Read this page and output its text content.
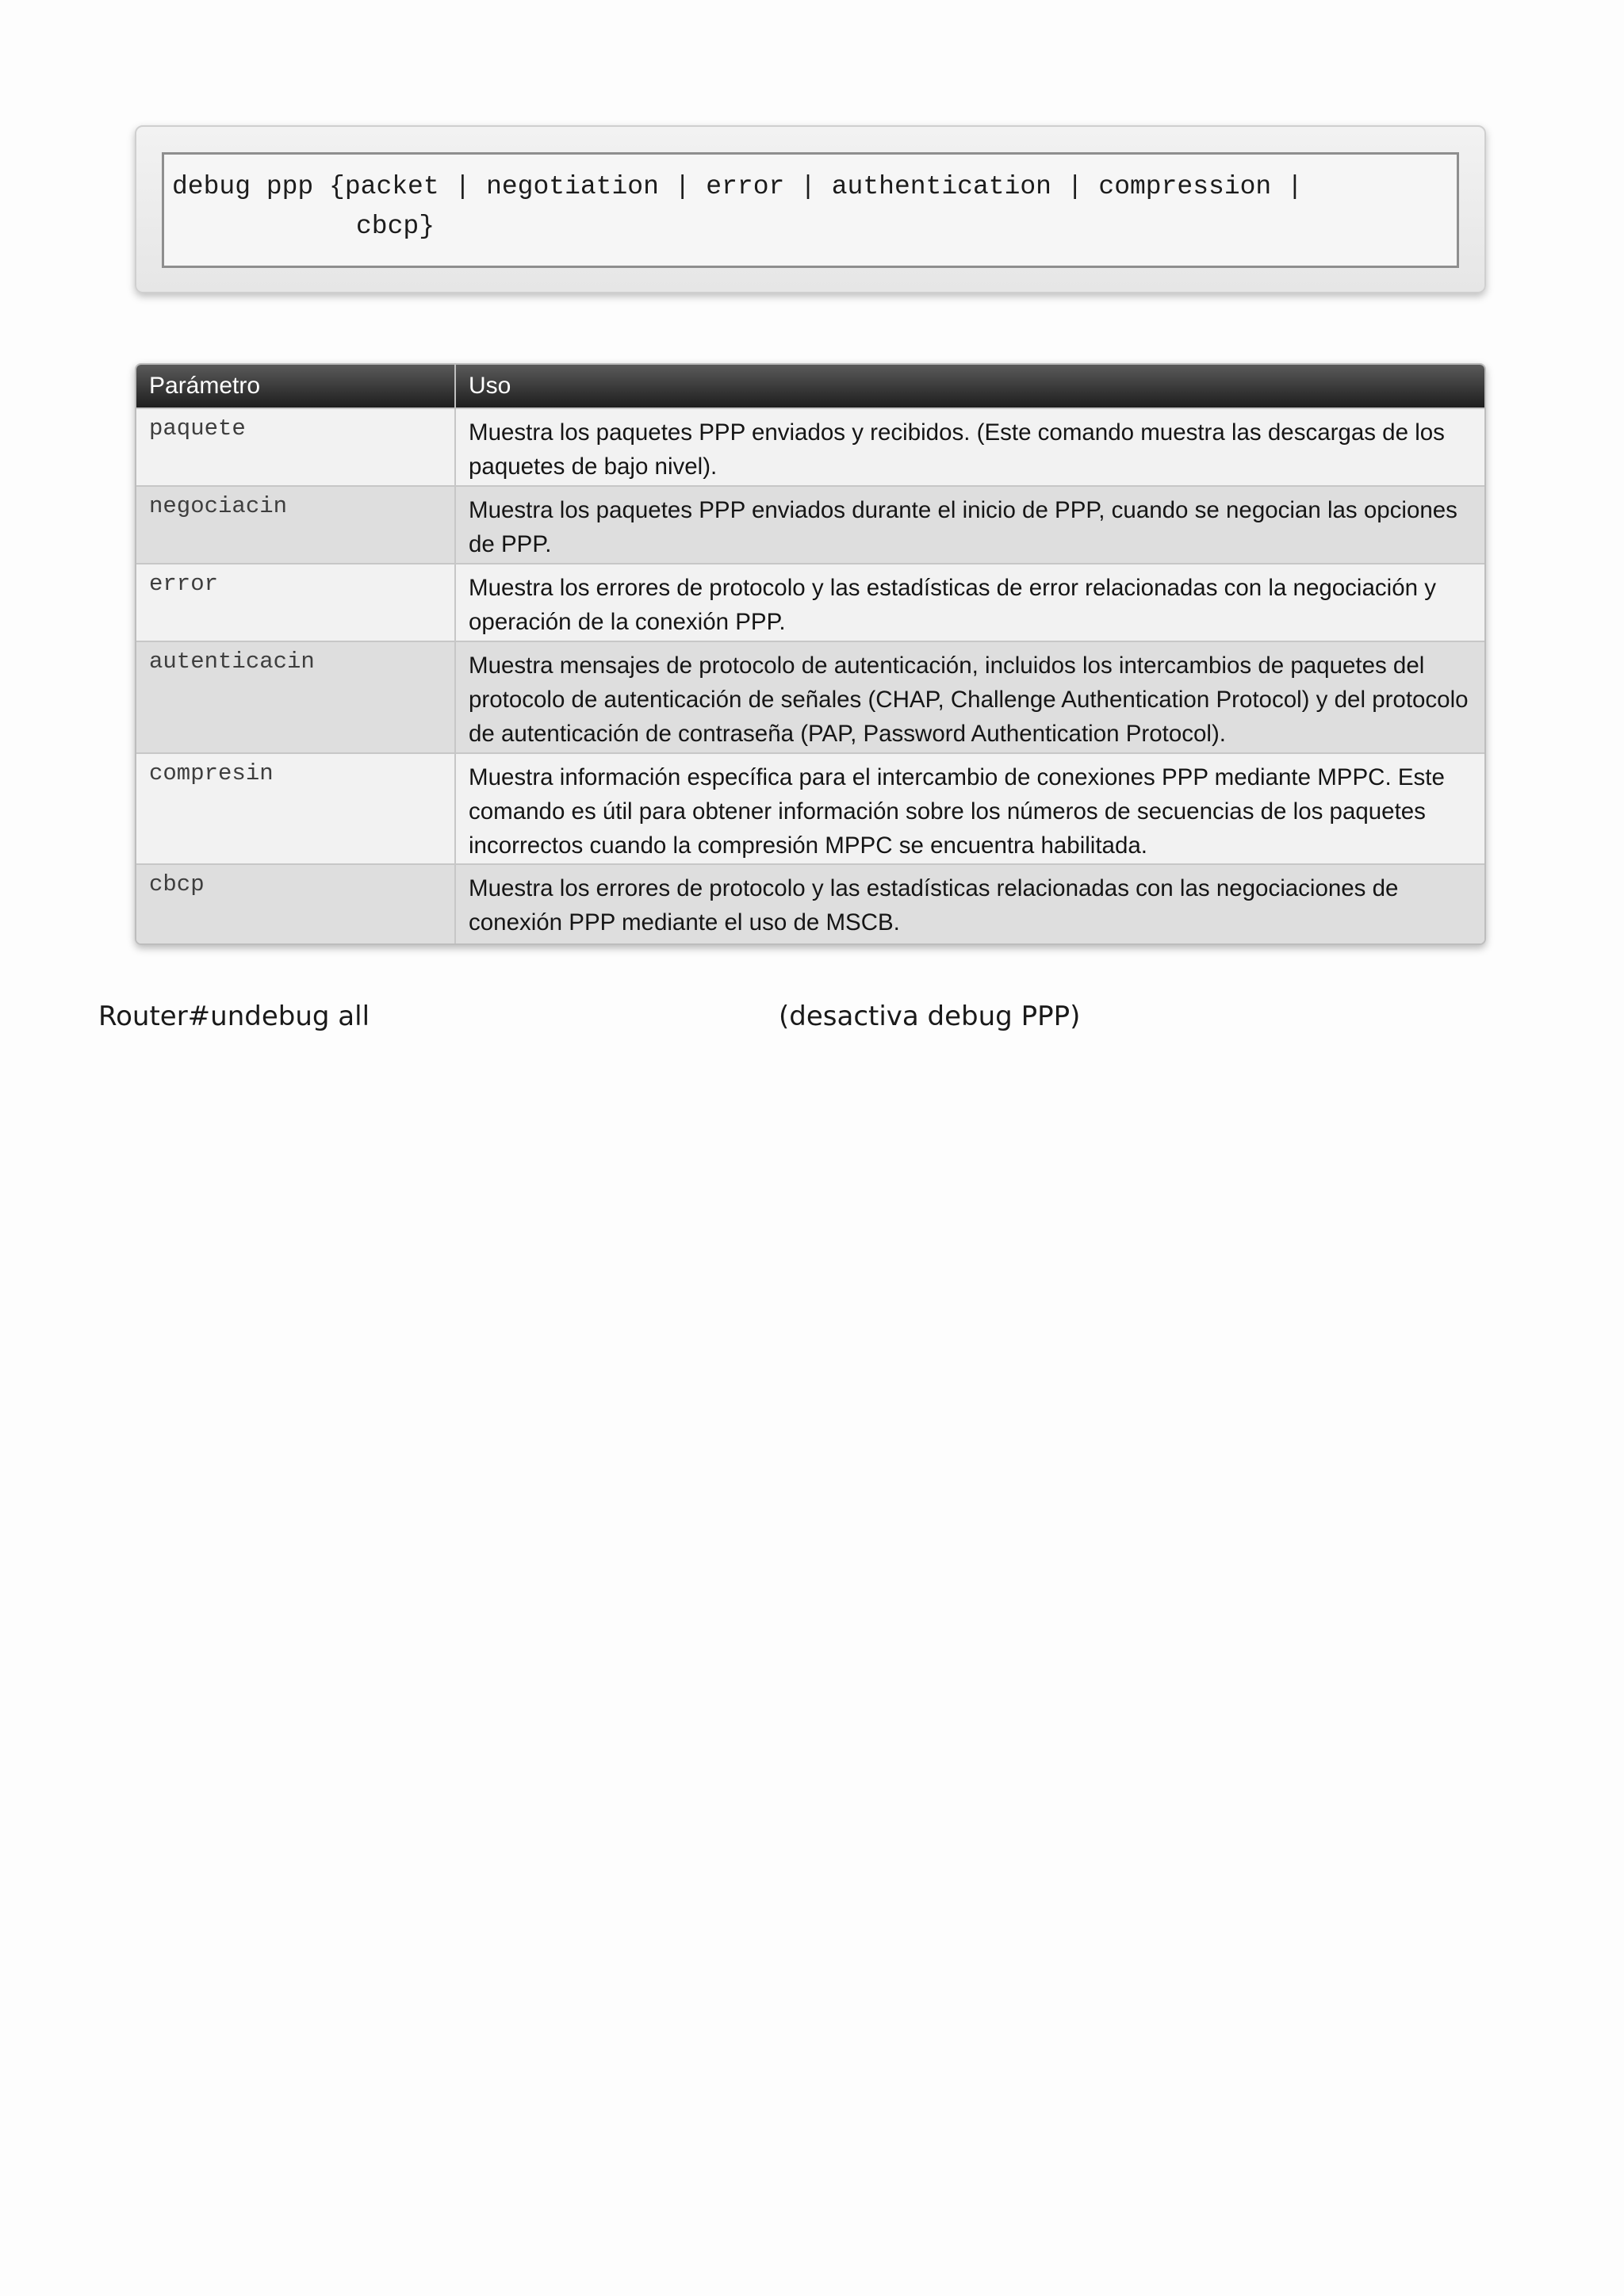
debug ppp {packet | negotiation | error | authentication | compression |
cbcp}
Parámetro	Uso
paquete	Muestra los paquetes PPP enviados y recibidos. (Este comando muestra las descargas de los paquetes de bajo nivel).
negociacin	Muestra los paquetes PPP enviados durante el inicio de PPP, cuando se negocian las opciones de PPP.
error	Muestra los errores de protocolo y las estadísticas de error relacionadas con la negociación y operación de la conexión PPP.
autenticacin	Muestra mensajes de protocolo de autenticación, incluidos los intercambios de paquetes del protocolo de autenticación de señales (CHAP, Challenge Authentication Protocol) y del protocolo de autenticación de contraseña (PAP, Password Authentication Protocol).
compresin	Muestra información específica para el intercambio de conexiones PPP mediante MPPC. Este comando es útil para obtener información sobre los números de secuencias de los paquetes incorrectos cuando la compresión MPPC se encuentra habilitada.
cbcp	Muestra los errores de protocolo y las estadísticas relacionadas con las negociaciones de conexión PPP mediante el uso de MSCB.
Router#undebug all	(desactiva debug PPP)
